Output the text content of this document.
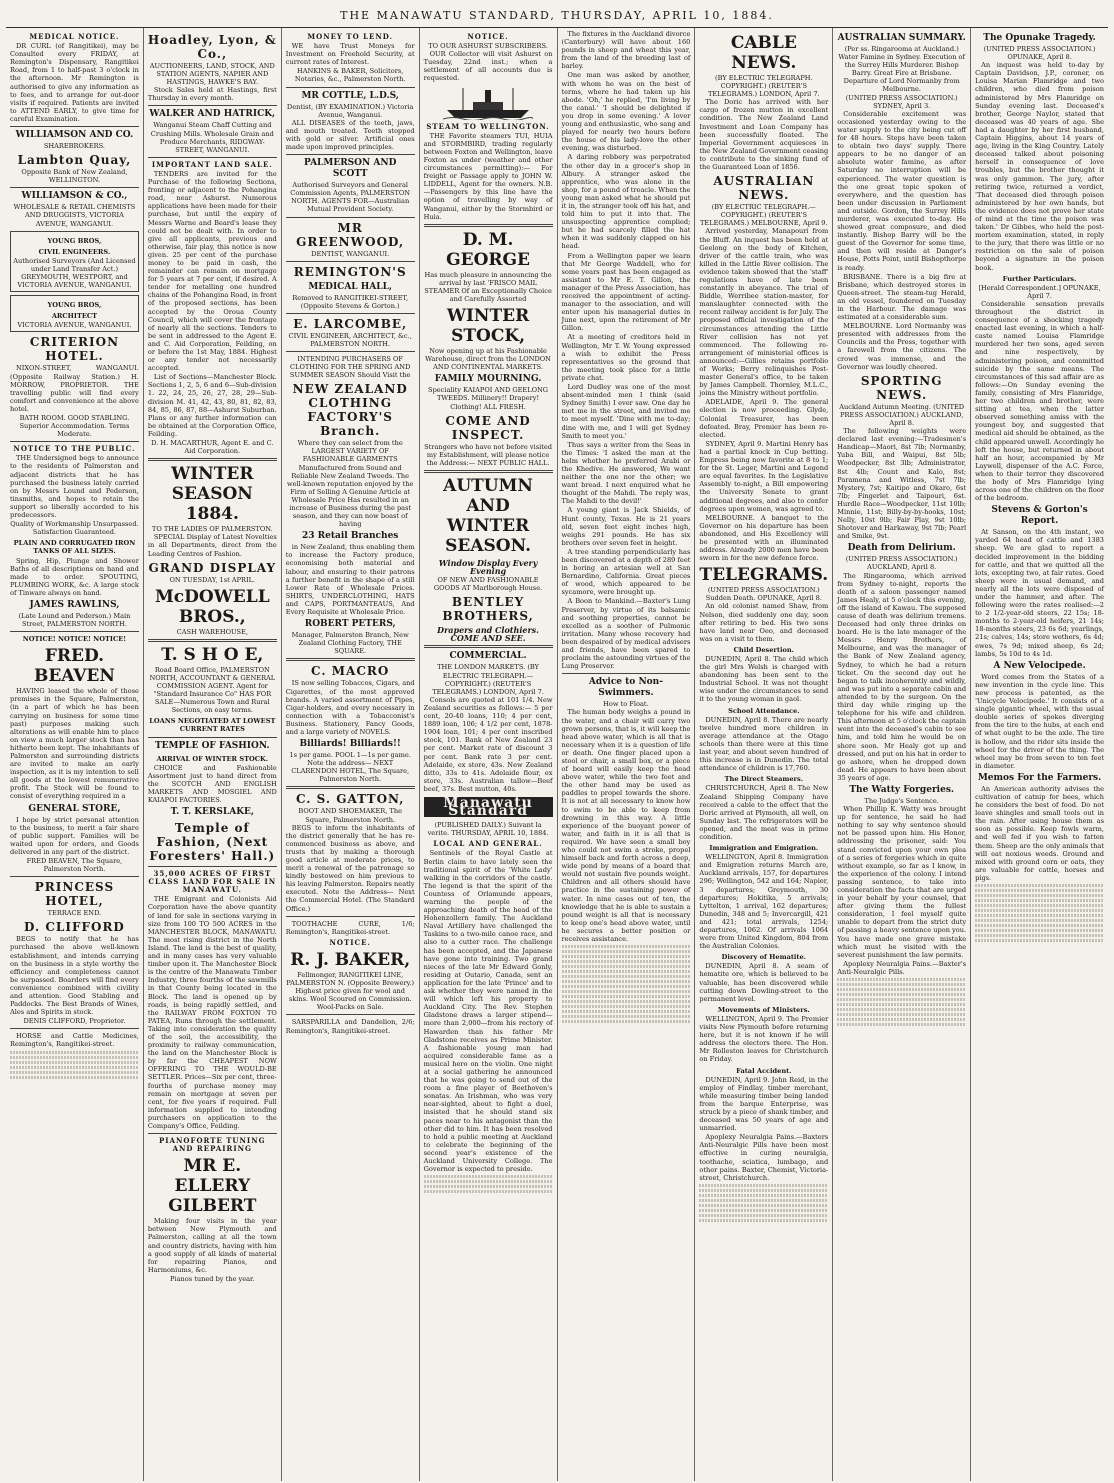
THE MANAWATU STANDARD, THURSDAY, APRIL 10, 1884.
MEDICAL NOTICE.
DR CURL (of Rangitikei), may be Consulted every FRIDAY, at Remington's Dispensary, Rangitikei Road, from 1 to half-past 3 o'clock in the afternoon. Mr Remington is authorised to give any information as to fees, and to arrange for out-door visits if required. Patients are invited to ATTEND EARLY, to give time for careful Examination.
WILLIAMSON AND CO.
SHAREBROKERS.
Lambton Quay,
Opposite Bank of New Zealand, WELLINGTON.
WILLIAMSON & CO.,
WHOLESALE & RETAIL CHEMISTS AND DRUGGISTS, VICTORIA AVENUE, WANGANUI.
YOUNG BROS,
CIVIL ENGINEERS.
Authorised Surveyors (And Licensed under Land Transfer Act.) GREYMOUTH, WESTPORT, and VICTORIA AVENUE, WANGANUI.
YOUNG BROS,
ARCHITECT
VICTORIA AVENUE, WANGANUI.
CRITERION HOTEL.
NIXON-STREET, WANGANUI. (Opposite Railway Station.) H. MORROW, PROPRIETOR. THE travelling public will find every comfort and convenience at the above hotel.
BATH ROOM. GOOD STABLING. Superior Accommodation. Terms Moderate.
NOTICE TO THE PUBLIC.
THE Undersigned begs to announce to the residents of Palmerston and adjacent districts that he has purchased the business lately carried on by Messrs Lound and Pederson, tinsmiths, and hopes to retain the support so liberally accorded to his predecessors.
Quality of Workmanship Unsurpassed. Satisfaction Guaranteed.
PLAIN AND CORRUGATED IRON TANKS OF ALL SIZES.
Spring, Hip, Plunge and Shower Baths of all descriptions on hand and made to order. SPOUTING, PLUMBING WORK, &c. A large stock of Tinware always on hand.
JAMES RAWLINS,
(Late Lound and Pederson.) Main Street, PALMERSTON NORTH.
NOTICE! NOTICE! NOTICE!
FRED. BEAVEN
HAVING leased the whole of those premises in the Square, Palmerston, (in a part of which he has been carrying on business for some time past) purposes making such alterations as will enable him to place on view a much larger stock than has hitherto been kept. The inhabitants of Palmerston and surrounding districts are invited to make an early inspection, as it is my intention to sell all goods at the lowest remunerative profit. The Stock will be found to consist of everything required in a
GENERAL STORE,
I hope by strict personal attention to the business, to merit a fair share of public support. Families will be waited upon for orders, and Goods delivered in any part of the district.
FRED BEAVEN, The Square, Palmerston North.
PRINCESS HOTEL,
TERRACE END.
D. CLIFFORD
BEGS to notify that he has purchased the above well-known establishment, and intends carrying on the business in a style worthy the efficiency and completeness cannot be surpassed. Boarders will find every convenience combined with civility and attention. Good Stabling and Paddocks. The Best Brands of Wines, Ales and Spirits in stock.
DENIS CLIFFORD, Proprietor.
HORSE and Cattle Medicines, Remington's, Rangitikei-street.
Hoadley, Lyon, & Co.,
AUCTIONEERS, LAND, STOCK, AND STATION AGENTS, NAPIER AND HASTINGS, HAWKE'S BAY.
Stock Sales held at Hastings, first Thursday in every month.
WALKER AND HATRICK,
Wanganui Steam Chaff Cutting and Crushing Mills. Wholesale Grain and Produce Merchants, RIDGWAY-STREET, WANGANUI.
IMPORTANT LAND SALE.
TENDERS are invited for the Purchase of the following Sections, fronting or adjacent to the Pohangina road, near Ashurst. Numerous applications have been made for their purchase, but until the expiry of Messrs Warne and Beard's lease they could not be dealt with. In order to give all applicants, previous and otherwise, fair play, this notice is now given. 25 per cent of the purchase money to be paid in cash, the remainder can remain on mortgage for 5 years at 7 per cent, if desired. A tender for metalling one hundred chains of the Pohangina Road, in front of the proposed sections, has been accepted by the Oroua County Council, which will cover the frontage of nearly all the sections. Tenders to be sent in addressed to the Agent E. and C. Aid Corporation, Feilding, on or before the 1st May, 1884. Highest or any tender not necessarily accepted.
List of Sections—Manchester Block. Sections 1, 2, 5, 6 and 6—Sub-division 1. 22, 24, 25, 26, 27, 28, 29—Sub-division M. 41, 42, 43, 80, 81, 82, 83, 84, 85, 86, 87, 88—Ashurst Suburban. Plans or any further information can be obtained at the Corporation Office, Feilding.
D. H. MACARTHUR, Agent E. and C. Aid Corporation.
WINTER SEASON 1884.
TO THE LADIES OF PALMERSTON.
SPECIAL Display of Latest Novelties in all Departments, direct from the Leading Centres of Fashion.
GRAND DISPLAY
ON TUESDAY, 1st APRIL.
McDOWELL BROS.,
CASH WAREHOUSE,
T. S H O E,
Road Board Office, PALMERSTON NORTH, ACCOUNTANT & GENERAL COMMISSION AGENT. Agent for "Standard Insurance Co" HAS FOR SALE—Numerous Town and Rural Sections, on easy terms.
LOANS NEGOTIATED AT LOWEST CURRENT RATES
TEMPLE OF FASHION.
ARRIVAL OF WINTER STOCK.
CHOICE and Fashionable Assortment just to hand direct from the SCOTCH AND ENGLISH MARKETS AND MOSGIEL AND KAIAPOI FACTORIES.
T. T. KERSLAKE,
Temple of Fashion, (Next Foresters' Hall.)
35,000 ACRES OF FIRST CLASS LAND FOR SALE IN MANAWATU.
THE Emigrant and Colonists Aid Corporation have the above quantity of land for sale in sections varying in size from 100 TO 500 ACRES in the MANCHESTER BLOCK, MANAWATU. The most rising district in the North Island. The land is the best of quality, and in many cases has very valuable timber upon it. The Manchester Block is the centre of the Manawatu Timber Industry, three fourths of the sawmills in that County being located in the Block. The land is opened up by roads, is being rapidly settled, and the RAILWAY FROM FOXTON TO PATEA, Runs through the settlement. Taking into consideration the quality of the soil, the accessibility, the proximity to railway communication, the land on the Manchester Block is by far the CHEAPEST NOW OFFERING TO THE WOULD-BE SETTLER. Prices—Six per cent, three-fourths of purchase money may remain on mortgage at seven per cent, for five years if required. Full information supplied to intending purchasers on application to the Company's Office, Feilding.
PIANOFORTE TUNING AND REPAIRING
MR E. ELLERY GILBERT
Making four visits in the year between New Plymouth and Palmerston, calling at all the town and country districts, having with him a good supply of all kinds of material for repairing Pianos, and Harmoniums, &c.
Pianos tuned by the year.
MONEY TO LEND.
WE have Trust Moneys for Investment on Freehold Security, at current rates of Interest.
HANKINS & BAKER, Solicitors, Notaries, &c., Palmerston North.
MR COTTLE, L.D.S,
Dentist, (BY EXAMINATION.) Victoria Avenue, Wanganui.
ALL DISEASES of the teeth, jaws, and mouth treated. Teeth stopped with gold or silver. Artificial ones made upon improved principles.
PALMERSON AND SCOTT
Authorised Surveyors and General Commission Agents, PALMERSTON NORTH. AGENTS FOR—Australian Mutual Provident Society.
MR GREENWOOD,
DENTIST, WANGANUI.
REMINGTON'S
MEDICAL HALL,
Removed to RANGITIKEI-STREET, (Opposite Stevens & Gorton.)
E. LARCOMBE,
CIVIL ENGINEER, ARCHITECT, &c., PALMERSTON NORTH.
INTENDING PURCHASERS OF CLOTHING FOR THE SPRING AND SUMMER SEASON Should Visit the
NEW ZEALAND CLOTHING FACTORY'S Branch.
Where they can select from the LARGEST VARIETY OF FASHIONABLE GARMENTS Manufactured from Sound and Reliable New Zealand Tweeds. The well-known reputation enjoyed by the Firm of Selling A Genuine Article at Wholesale Price Has resulted in an increase of Business during the past season, and they can now boast of having
23 Retail Branches
in New Zealand, thus enabling them to increase the Factory produce, economising both material and labour, and ensuring to their patrons a further benefit in the shape of a still Lower Rate of Wholesale Prices. SHIRTS, UNDERCLOTHING, HATS and CAPS, PORTMANTEAUS, And Every Requisite at Wholesale Price.
ROBERT PETERS,
Manager, Palmerston Branch, New Zealand Clothing Factory, THE SQUARE.
C. MACRO
IS now selling Tobaccos, Cigars, and Cigarettes, of the most approved brands. A varied assortment of Pipes, Cigar-holders, and every necessary in connection with a Tobacconist's Business. Stationery, Fancy Goods, and a large variety of NOVELS.
Billiards! Billiards!!
1s per game. POOL 1—1s per game. Note the address— NEXT CLARENDON HOTEL, The Square, Palmerston North.
C. S. GATTON,
BOOT AND SHOEMAKER, The Square, Palmerston North.
BEGS to inform the inhabitants of the district generally that he has re-commenced business as above, and trusts that by making a thorough good article at moderate prices, to merit a renewal of the patronage so kindly bestowed on him previous to his leaving Palmerston. Repairs neatly executed. Note the Address— Next the Commercial Hotel. (The Standard Office.)
TOOTHACHE CURE, 1/6; Remington's, Rangitikei-street.
NOTICE.
R. J. BAKER,
Fellmonger, RANGITIKEI LINE, PALMERSTON N. (Opposite Brewery.) Highest price given for wool and skins. Wool Scoured on Commission. Wool-Packs on Sale.
SARSPARILLA and Dandelion, 2/6; Remington's, Rangitikei-street.
NOTICE.
TO OUR ASHURST SUBSCRIBERS.
OUR Collector will visit Ashurst on Tuesday, 22nd inst.; when a settlement of all accounts due is requested.
STEAM TO WELLINGTON.
THE Favorite steamers TUI, HUIA and STORMBIRD, trading regularly between Foxton and Wellington, leave Foxton as under (weather and other circumstances permitting):— For freight or Passage apply to JOHN W. LIDDELL, Agent for the owners. N.B.—Passengers by this line have the option of travelling by way of Wanganui, either by the Stormbird or Huia.
D. M. GEORGE
Has much pleasure in announcing the arrival by last 'FRISCO MAIL STEAMER Of an Exceptionally Choice and Carefully Assorted
WINTER STOCK,
Now opening up at his Fashionable Warehouse, direct from the LONDON AND CONTINENTAL MARKETS.
FAMILY MOURNING.
Speciality KAIAPOI AND GEELONG TWEEDS. Millinery!! Drapery! Clothing! ALL FRESH.
COME AND INSPECT.
Strangers who have not before visited my Establishment, will please notice the Address:— NEXT PUBLIC HALL.
AUTUMN AND WINTER SEASON.
Window Display Every Evening
OF NEW AND FASHIONABLE GOODS AT Marlborough House.
BENTLEY BROTHERS,
Drapers and Clothiers. COME AND SEE.
COMMERCIAL.
THE LONDON MARKETS. (BY ELECTRIC TELEGRAPH.—COPYRIGHT.) (REUTER'S TELEGRAMS.) LONDON, April 7.
Consols are quoted at 101 1/4. New Zealand securities as follows:— 5 per cent, 20-40 loans, 110; 4 per cent, 1889 loan, 106; 4 1/2 per cent, 1878-1904 loan, 101; 4 per cent inscribed stock, 101. Bank of New Zealand 23 per cent. Market rate of discount 3 per cent. Bank rate 3 per cent. Adelaide, ex store, 43s. New Zealand ditto, 33s to 41s. Adelaide flour, ex store, 33s. Australian tallow—Beef beef, 37s. Best mutton, 40s.
Manawatu Standard
(PUBLISHED DAILY.) Suivant la verite. THURSDAY, APRIL 10, 1884.
LOCAL AND GENERAL.
Sentinels of the Royal Castle at Berlin claim to have lately seen the traditional spirit of the 'White Lady' walking in the corridors of the castle. The legend is that the spirit of the Countess of Orlamunde appears, warning the people of the approaching death of the head of the Hohenzollern family. The Auckland Naval Artillery have challenged the Taskins to a two-mile canoe race, and also to a cutter race. The challenge has been accepted, and the Japanese have gone into training. Two grand nieces of the late Mr Edward Gonly, residing at Outario, Canada, sent an application for the late 'Prince' and to ask whether they were named in the will which left his property to Auckland City. The Rev. Stephen Gladstone draws a larger stipend—more than 2,000—from his rectory of Hawarden than his father Mr Gladstone receives as Prime Minister. A fashionable young man had acquired considerable fame as a musical hero on the violin. One night at a social gathering he announced that he was going to send out of the room a fine player of Beethoven's sonatas. An Irishman, who was very near-sighted, about to fight a duel, insisted that he should stand six paces near to his antagonist than the other did to him. It has been resolved to hold a public meeting at Auckland to celebrate the beginning of the second year's existence of the Auckland University College. The Governor is expected to preside.
The fixtures in the Auckland divorce (Canterbury) will have about 160 pounds in sheep and wheat this year, from the land of the breeding last of barley.
One man was asked by another, with whom he was on the best of terms, where he had taken up his abode. 'Oh,' he replied, 'I'm living by the canal.' 'I should be delighted if you drop in some evening.' A lover young and enthusiastic, who sang and played for nearly two hours before the house of his lady-love the other evening, was disturbed.
A daring robbery was perpetrated the other day in a grocer's shop in Albury. A stranger asked the apprentice, who was alone in the shop, for a pound of treacle. When the young man asked what he should put it in, the stranger took off his hat, and told him to put it into that. The unsuspecting apprentice complied; but he had scarcely filled the hat when it was suddenly clapped on his head.
From a Wellington paper we learn that Mr George Waddell, who for some years past has been engaged as assistant to Mr E. T. Gillon, the manager of the Press Association, has received the appointment of acting-manager to the association, and will enter upon his managerial duties in June next, upon the retirement of Mr Gillon.
At a meeting of creditors held in Wellington, Mr T. W. Young expressed a wish to exhibit the Press representatives so the ground that the meeting took place for a little private chat.
Lord Dudley was one of the most absent-minded men I think (said Sydney Smith) I ever saw. One day he met me in the street, and invited me to meet myself. 'Dine with me to-day; dine with me, and I will get Sydney Smith to meet you.'
Thus says a writer from the Seas in the Times: 'I asked the man at the helm whether he preferred Arabi or the Khedive. He answered, We want neither the one nor the other; we want bread. I next enquired what he thought of the Mahdi. The reply was, The Mahdi to the devil!'
A young giant is Jack Shields, of Hunt county, Texas. He is 21 years old, seven feet eight inches high, weighs 291 pounds. He has six brothers over seven feet in height.
A tree standing perpendicularly has been discovered at a depth of 289 feet in boring an artesian well at San Bernardino, California. Great pieces of wood, which appeared to be sycamore, were brought up.
A Boon to Mankind.—Baxter's Lung Preserver, by virtue of its balsamic and soothing properties, cannot be excelled as a soother of Pulmonic irritation. Many whose recovery had been despaired of by medical advisers and friends, have been spared to proclaim the astounding virtues of the Lung Preserver.
Advice to Non-Swimmers.
How to Float.
The human body weighs a pound in the water, and a chair will carry two grown persons, that is, it will keep the head above water, which is all that is necessary when it is a question of life or death. One finger placed upon a stool or chair, a small box, or a piece of board will easily keep the head above water, while the two feet and the other hand may be used as paddles to propel towards the shore. It is not at all necessary to know how to swim to be able to keep from drowning in this way. A little experience of the buoyant power of water, and faith in it is all that is required. We have seen a small boy who could not swim a stroke, propel himself back and forth across a deep, wide pond by means of a board that would not sustain five pounds weight. Children and all others should have practice in the sustaining power of water. In nine cases out of ten, the knowledge that he is able to sustain a pound weight is all that is necessary to keep one's head above water, until he secures a better position or receives assistance.
CABLE NEWS.
(BY ELECTRIC TELEGRAPH. COPYRIGHT.) (REUTER'S TELEGRAMS.) LONDON, April 7.
The Doric has arrived with her cargo of frozen mutton in excellent condition. The New Zealand Land Investment and Loan Company has been successfully floated. The Imperial Government acquiesces in the New Zealand Government ceasing to contribute to the sinking fund of the Guaranteed Loan of 1856.
AUSTRALIAN NEWS.
(BY ELECTRIC TELEGRAPH.—COPYRIGHT.) (REUTER'S TELEGRAMS.) MELBOURNE, April 9.
Arrived yesterday, Manapouri from the Bluff. An inquest has been held at Geelong on the body of Kitchen, driver of the cattle train, who was killed in the Little River collision. The evidence taken showed that the 'staff' regulations have of late been constantly in abeyance. The trial of Biddle, Werribee station-master, for manslaughter connected with the recent railway accident is for July. The proposed official investigation of the circumstances attending the Little River collision has not yet commenced. The following re-arrangement of ministerial offices is announced:—Gillies retains portfolio of Works; Berry relinquishes Post-master General's office, to be taken by James Campbell. Thornley, M.L.C., joins the Ministry without portfolio.
ADELAIDE, April 9. The general election is now proceeding. Glyde, Colonial Treasurer, has been defeated. Bray, Premier has been re-elected.
SYDNEY, April 9. Martini Henry has had a partial knock in Cup betting. Empress being now favorite at 8 to 1; for the St. Leger, Martini and Legend are equal favorites. In the Legislative Assembly to-night, a Bill empowering the University Senate to grant additional degrees, and also to confer degrees upon women, was agreed to.
MELBOURNE. A banquet to the Governor on his departure has been abandoned, and His Excellency will be presented with an illuminated address. Already 2000 men have been sworn in for the new defence force.
TELEGRAMS.
(UNITED PRESS ASSOCIATION.) Sudden Death. OPUNAKE, April 8.
An old colonist named Shaw, from Nelson, died suddenly one day, soon after retiring to bed. His two sons have land near Oeo, and deceased was on a visit to them.
Child Desertion.
DUNEDIN, April 8. The child which the girl Mrs Welsh is charged with abandoning has been sent to the Industrial School. It was not thought wise under the circumstances to send it to the young woman in gaol.
School Attendance.
DUNEDIN, April 8. There are nearly twelve hundred more children in average attendance at the Otago schools than there were at this time last year, and about seven hundred of this increase is in Dunedin. The total attendance of children is 17,760.
The Direct Steamers.
CHRISTCHURCH, April 8. The New Zealand Shipping Company have received a cable to the effect that the Doric arrived at Plymouth, all well, on Sunday last. The refrigerators will be opened, and the meat was in prime condition.
Immigration and Emigration.
WELLINGTON, April 8. Immigration and Emigration returns March are, Auckland arrivals, 157, for departures 296; Wellington, 542 and 164; Napier, 3 departures; Greymouth, 30 departures; Hokitika, 5 arrivals; Lyttelton, 1 arrival, 162 departures; Dunedin, 348 and 5; Invercargill, 421 and 421; total arrivals, 1254; departures, 1062. Of arrivals 1064 were from United Kingdom, 804 from the Australian Colonies.
Discovery of Hematite.
DUNEDIN, April 8. A seam of hematite ore, which is believed to be valuable, has been discovered while cutting down Dowling-street to the permanent level.
Movements of Ministers.
WELLINGTON, April 9. The Premier visits New Plymouth before returning here, but it is not known if he will address the electors there. The Hon. Mr Rolleston leaves for Christchurch on Friday.
Fatal Accident.
DUNEDIN, April 9. John Reid, in the employ of Findlay, timber merchant, while measuring timber being landed from the barque Enterprise, was struck by a piece of shank timber, and deceased was 50 years of age and unmarried.
Apoplexy Neuralgia Pains.—Baxters Anti-Neuralgic Pills have been most effective in curing neuralgia, toothache, sciatica, lumbago, and other pains. Baxter, Chemist, Victoria-street, Christchurch.
AUSTRALIAN SUMMARY.
(Per ss. Ringarooma at Auckland.)
Water Famine in Sydney. Execution of the Surrey Hills Murderer. Bishop Barry. Great Fire at Brisbane. Departure of Lord Normanby from Melbourne.
(UNITED PRESS ASSOCIATION.) SYDNEY, April 3.
Considerable excitement was occasioned yesterday owing to the water supply to the city being cut off for 48 hours. Steps have been taken to obtain two days' supply. There appears to be no danger of an absolute water famine, as after Saturday no interruption will be experienced. The water question is the one great topic spoken of everywhere, and the question has been under discussion in Parliament and outside. Gordon, the Surrey Hills murderer, was executed to-day. He showed great composure, and died instantly. Bishop Barry will be the guest of the Governor for some time, and then will reside at Danger's House, Potts Point, until Bishopthorpe is ready.
BRISBANE. There is a big fire at Brisbane, which destroyed stores in Queen-street. The steam-tug Herald, an old vessel, foundered on Tuesday in the Harbour. The damage was estimated at a considerable sum.
MELBOURNE. Lord Normanby was presented with addresses from the Councils and the Press, together with a farewell from the citizens. The crowd was immense, and the Governor was loudly cheered.
SPORTING NEWS.
Auckland Autumn Meeting. (UNITED PRESS ASSOCIATION.) AUCKLAND, April 8.
The following weights were declared last evening:—Tradesmen's Handicap—Maori, 8st 7lb; Normanby, Yuba Bill, and Waipui, 8st 5lb; Woodpecker, 8st 3lb; Administrator, 8st 4lb; Count and Kalo, 8st; Paramena and Witless, 7st 7lb; Mystery, 7st; Kaitipo and Okaro, 6st 7lb; Fingerlet and Taipouri, 6st. Hurdle Race—Woodpecker, 11st 10lb; Minnie, 11st; Billy-by-by-hooks, 10st; Nelly, 10st 9lb; Fair Play, 9st 10lb; Shotover and Harkaway, 9st 7lb; Pearl and Smike, 9st.
Death from Delirium.
(UNITED PRESS ASSOCIATION.) AUCKLAND, April 8.
The Ringarooma, which arrived from Sydney to-night, reports the death of a saloon passenger named James Healy, at 5 o'clock this evening, off the island of Kawau. The supposed cause of death was delirium tremens. Deceased had only three drinks on board. He is the late manager of the Messrs Henry Brothers, of Melbourne, and was the manager of the Bank of New Zealand agency, Sydney, to which he had a return ticket. On the second day out he began to talk incoherently and wildly, and was put into a separate cabin and attended to by the surgeon. On the third day while ringing up the telephone for his wife and children. This afternoon at 5 o'clock the captain went into the deceased's cabin to see him, and told him he would be on shore soon. Mr Healy got up and dressed, and put on his hat in order to go ashore, when he dropped down dead. He appears to have been about 35 years of age.
The Watty Forgeries.
The Judge's Sentence.
When Phillip K. Watty was brought up for sentence, he said he had nothing to say why sentence should not be passed upon him. His Honor, addressing the prisoner, said: You stand convicted upon your own plea of a series of forgeries which in quite without example, so far as I know, in the experience of the colony. I intend passing sentence, to take into consideration the facts that are urged in your behalf by your counsel, that after giving them the fullest consideration, I feel myself quite unable to depart from the strict duty of passing a heavy sentence upon you. You have made one grave mistake which must be visited with the severest punishment the law permits.
Apoplexy Neuralgia Pains.—Baxter's Anti-Neuralgic Pills.
The Opunake Tragedy.
(UNITED PRESS ASSOCIATION.) OPUNAKE, April 8.
An inquest was held to-day by Captain Davidson, J.P., coroner, on Louisa Marian Flamridge and two children, who died from poison administered by Mrs Flamridge on Sunday evening last. Deceased's brother, George Naylor, stated that deceased was 40 years of age. She had a daughter by her first husband, Captain Higgins, about 14 years of age, living in the King Country. Lately deceased talked about poisoning herself in consequence of love troubles, but the brother thought it was only gammon. The jury, after retiring twice, returned a verdict, 'That deceased died through poison administered by her own hands, but the evidence does not prove her state of mind at the time the poison was taken.' Dr Gibbes, who held the post-mortem examination, stated, in reply to the jury, that there was little or no restriction on the sale of poison beyond a signature in the poison book.
Further Particulars.
[Herald Correspondent.] OPUNAKE, April 7.
Considerable sensation prevails throughout the district in consequence of a shocking tragedy enacted last evening, in which a half-caste named Louisa Flamridge murdered her two sons, aged seven and nine respectively, by administering poison, and committed suicide by the same means. The circumstances of this sad affair are as follows:—On Sunday evening the family, consisting of Mrs Flamridge, her two children and brother, were sitting at tea, when the latter observed something amiss with the youngest boy, and suggested that medical aid should be obtained, as the child appeared unwell. Accordingly he left the house, but returned in about half an hour, accompanied by Mr Laywell, dispenser of the A.C. Force, when to their terror they discovered the body of Mrs Flamridge lying across one of the children on the floor of the bedroom.
Stevens & Gorton's Report.
At Sanson, on the 4th instant, we yarded 64 head of cattle and 1383 sheep. We are glad to report a decided improvement in the bidding for cattle, and that we quitted all the lots, excepting two, at fair rates. Good sheep were in usual demand, and nearly all the lots were disposed of under the hammer, and after. The following were the rates realised:—2 to 2 1/2-year-old steers, 22 15s; 18-months to 2-year-old heifers, 21 14s; 18-months steers, 23 6s 6d; yearlings, 21s; calves, 14s; store wethers, 6s 4d; ewes, 7s 9d; mixed sheep, 6s 2d; lambs, 5s 10d to 4s 1d.
A New Velocipede.
Word comes from the States of a new invention in the cycle line. This new process is patented, as the 'Unicycle Velocipede.' It consists of a single gigantic wheel, with the usual double series of spokes diverging from the tire to the hubs, at each end of what ought to be the axle. The tire is hollow, and the rider sits inside the wheel for the driver of the thing. The wheel may be from seven to ten feet in diameter.
Memos For the Farmers.
An American authority advises the cultivation of catnip for bees, which he considers the best of food. Do not leave shingles and small tools out in the rain. After using house them as soon as possible. Keep fowls warm, and well fed if you wish to fatten them. Sheep are the only animals that will eat noxious weeds. Ground and mixed with ground corn or oats, they are valuable for cattle, horses and pigs.
